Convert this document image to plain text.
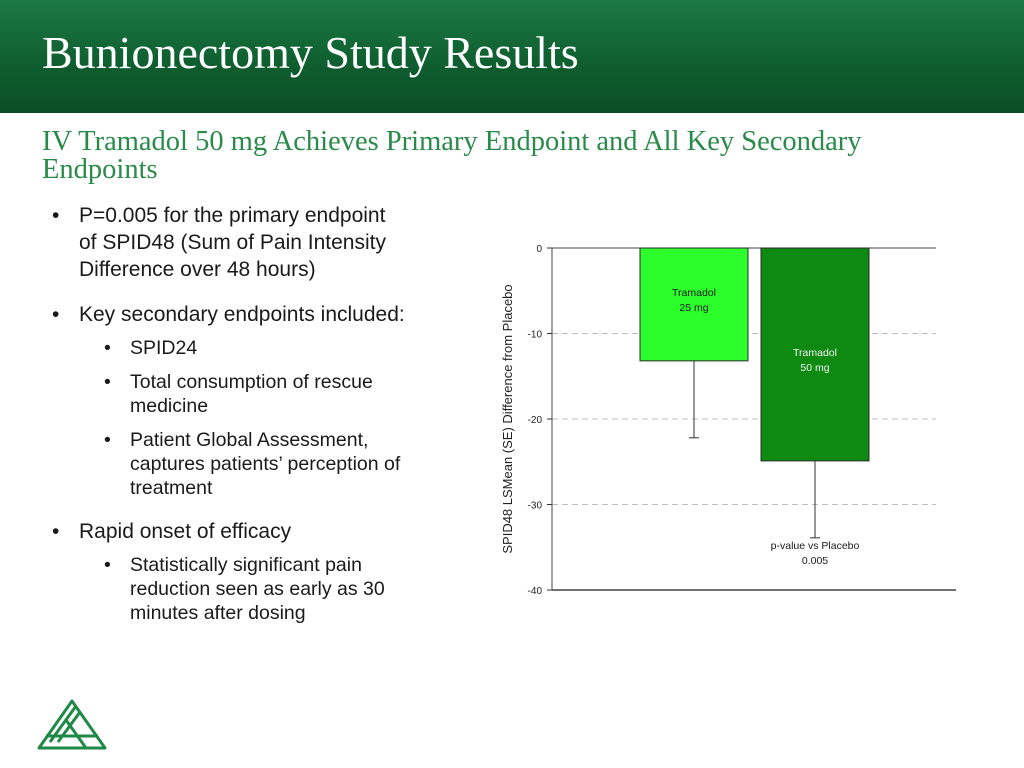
Bunionectomy Study Results
IV Tramadol 50 mg Achieves Primary Endpoint and All Key Secondary Endpoints
• P=0.005 for the primary endpoint
of SPID48 (Sum of Pain Intensity
Difference over 48 hours)
• Key secondary endpoints included:
• SPID24
• Total consumption of rescue
medicine
• Patient Global Assessment,
captures patients’ perception of
treatment
• Rapid onset of efficacy
• Statistically significant pain
reduction seen as early as 30
minutes after dosing
0
-10
-20
-30
-40
SPID48 LSMean (SE) Difference from Placebo	Tramadol
25 mg
Tramadol
50 mg
p-value vs Placebo
0.005
